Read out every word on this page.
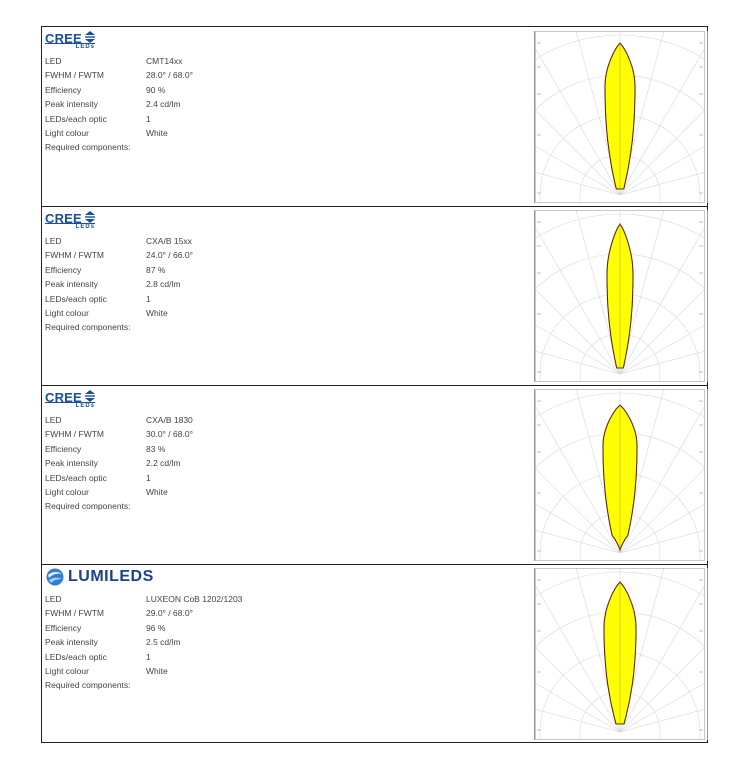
CREE
LEDs
LED	CMT14xx
FWHM / FWTM	28.0° / 68.0°
Efficiency	90 %
Peak intensity	2.4 cd/lm
LEDs/each optic	1
Light colour	White
Required components:
CREE
LEDs
LED	CXA/B 15xx
FWHM / FWTM	24.0° / 66.0°
Efficiency	87 %
Peak intensity	2.8 cd/lm
LEDs/each optic	1
Light colour	White
Required components:
CREE
LEDs
LED	CXA/B 1830
FWHM / FWTM	30.0° / 68.0°
Efficiency	83 %
Peak intensity	2.2 cd/lm
LEDs/each optic	1
Light colour	White
Required components:
LUMILEDS
LED	LUXEON CoB 1202/1203
FWHM / FWTM	29.0° / 68.0°
Efficiency	96 %
Peak intensity	2.5 cd/lm
LEDs/each optic	1
Light colour	White
Required components:
